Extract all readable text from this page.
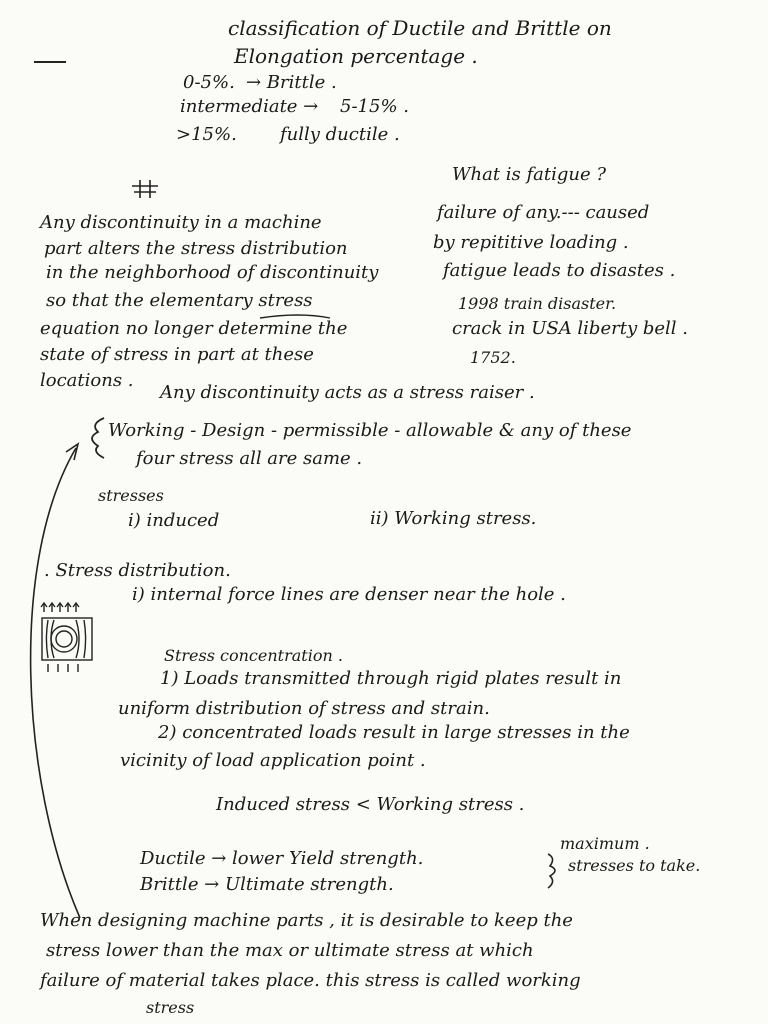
classification of Ductile and Brittle on
Elongation percentage .
0-5%. → Brittle .
intermediate → 5-15% .
>15%. fully ductile .
What is fatigue ?
failure of any.--- caused
by repititive loading .
fatigue leads to disastes .
1998 train disaster.
crack in USA liberty bell .
1752.
Any discontinuity in a machine
part alters the stress distribution
in the neighborhood of discontinuity
so that the elementary stress
equation no longer determine the
state of stress in part at these
locations .
Any discontinuity acts as a stress raiser .
Working - Design - permissible - allowable & any of these
four stress all are same .
stresses
i) induced	ii) Working stress.
. Stress distribution.
i) internal force lines are denser near the hole .
Stress concentration .
1) Loads transmitted through rigid plates result in
uniform distribution of stress and strain.
2) concentrated loads result in large stresses in the
vicinity of load application point .
Induced stress < Working stress .
Ductile → lower Yield strength.
Brittle → Ultimate strength.
maximum .
stresses to take.
When designing machine parts , it is desirable to keep the
stress lower than the max or ultimate stress at which
failure of material takes place. this stress is called working
stress
